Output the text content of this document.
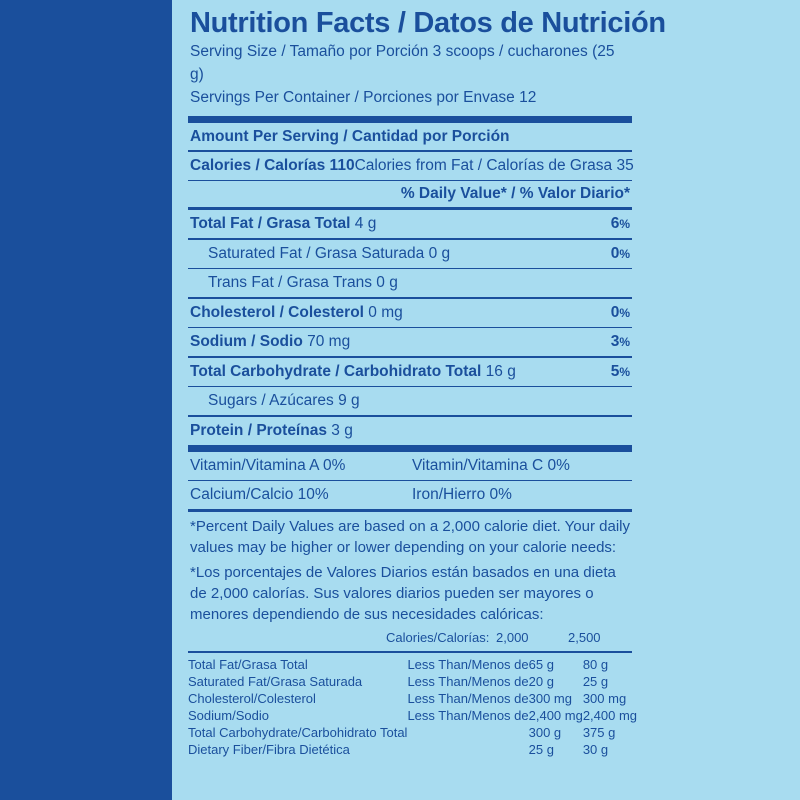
Nutrition Facts / Datos de Nutrición
Serving Size / Tamaño por Porción 3 scoops / cucharones (25 g)
Servings Per Container / Porciones por Envase 12
Amount Per Serving / Cantidad por Porción
Calories / Calorías 110 Calories from Fat / Calorías de Grasa 35
% Daily Value* / % Valor Diario*
Total Fat / Grasa Total 4 g	6%
Saturated Fat / Grasa Saturada 0 g	0%
Trans Fat / Grasa Trans 0 g
Cholesterol / Colesterol 0 mg	0%
Sodium / Sodio 70 mg	3%
Total Carbohydrate / Carbohidrato Total 16 g	5%
Sugars / Azúcares 9 g
Protein / Proteínas 3 g
Vitamin/Vitamina A 0%	Vitamin/Vitamina C 0%
Calcium/Calcio 10%	Iron/Hierro 0%
*Percent Daily Values are based on a 2,000 calorie diet. Your daily values may be higher or lower depending on your calorie needs:
*Los porcentajes de Valores Diarios están basados en una dieta de 2,000 calorías. Sus valores diarios pueden ser mayores o menores dependiendo de sus necesidades calóricas:
	Calories/Calorías:	2,000	2,500
Total Fat/Grasa Total	Less Than/Menos de	65 g	80 g
Saturated Fat/Grasa Saturada	Less Than/Menos de	20 g	25 g
Cholesterol/Colesterol	Less Than/Menos de	300 mg	300 mg
Sodium/Sodio	Less Than/Menos de	2,400 mg	2,400 mg
Total Carbohydrate/Carbohidrato Total		300 g	375 g
Dietary Fiber/Fibra Dietética		25 g	30 g
